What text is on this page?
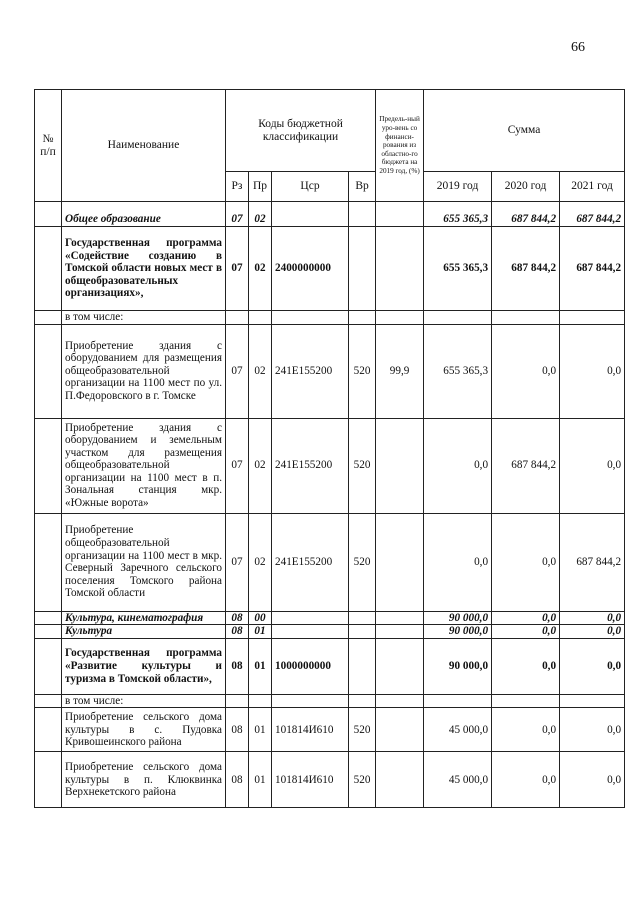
66
№ п/п	Наименование	Коды бюджетной классификации				Предель-ный уро-вень со финанси-рования из областно-го бюджета на 2019 год, (%)	Сумма		
		Рз	Пр	Цср	Вр		2019 год	2020 год	2021 год
	Общее образование	07	02				655 365,3	687 844,2	687 844,2
	Государственная программа «Содействие созданию в Томской области новых мест в общеобразовательных организациях»,	07	02	2400000000			655 365,3	687 844,2	687 844,2
	в том числе:								
	Приобретение здания с оборудованием для размещения общеобразовательной организации на 1100 мест по ул. П.Федоровского в г. Томске	07	02	241E155200	520	99,9	655 365,3	0,0	0,0
	Приобретение здания с оборудованием и земельным участком для размещения общеобразовательной организации на 1100 мест в п. Зональная станция мкр. «Южные ворота»	07	02	241E155200	520		0,0	687 844,2	0,0
	Приобретение общеобразовательной организации на 1100 мест в мкр. Северный Заречного сельского поселения Томского района Томской области	07	02	241E155200	520		0,0	0,0	687 844,2
	Культура, кинематография	08	00				90 000,0	0,0	0,0
	Культура	08	01				90 000,0	0,0	0,0
	Государственная программа «Развитие культуры и туризма в Томской области»,	08	01	1000000000			90 000,0	0,0	0,0
	в том числе:								
	Приобретение сельского дома культуры в с. Пудовка Кривошеинского района	08	01	101814И610	520		45 000,0	0,0	0,0
	Приобретение сельского дома культуры в п. Клюквинка Верхнекетского района	08	01	101814И610	520		45 000,0	0,0	0,0
